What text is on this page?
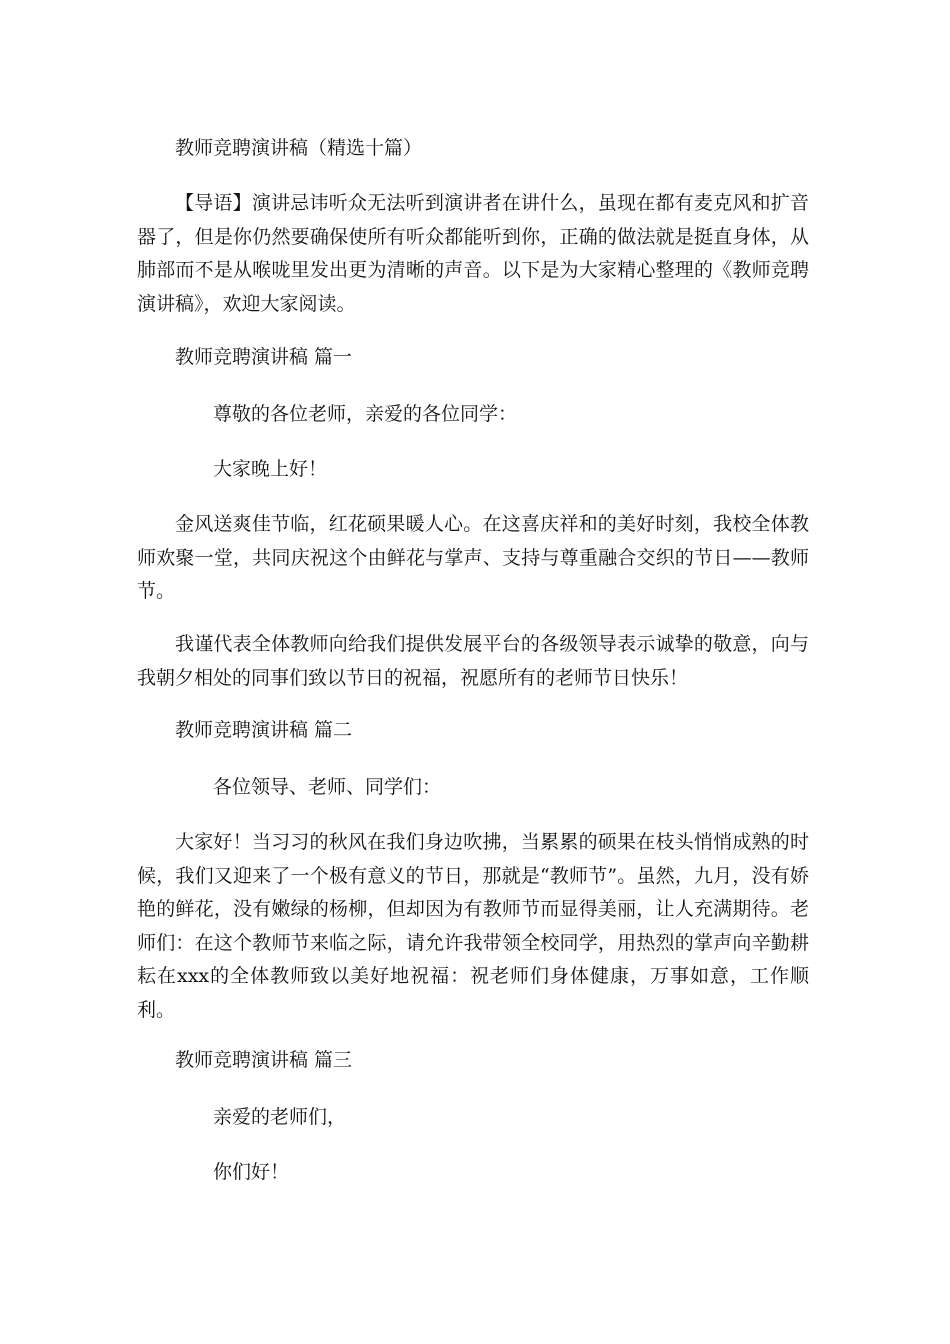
教师竞聘演讲稿（精选十篇）
【导语】演讲忌讳听众无法听到演讲者在讲什么，虽现在都有麦克风和扩音器了，但是你仍然要确保使所有听众都能听到你，正确的做法就是挺直身体，从肺部而不是从喉咙里发出更为清晰的声音。以下是为大家精心整理的《教师竞聘演讲稿》，欢迎大家阅读。
教师竞聘演讲稿 篇一
尊敬的各位老师，亲爱的各位同学：
大家晚上好！
金风送爽佳节临，红花硕果暖人心。在这喜庆祥和的美好时刻，我校全体教师欢聚一堂，共同庆祝这个由鲜花与掌声、支持与尊重融合交织的节日——教师节。
我谨代表全体教师向给我们提供发展平台的各级领导表示诚挚的敬意，向与我朝夕相处的同事们致以节日的祝福，祝愿所有的老师节日快乐！
教师竞聘演讲稿 篇二
各位领导、老师、同学们：
大家好！当习习的秋风在我们身边吹拂，当累累的硕果在枝头悄悄成熟的时候，我们又迎来了一个极有意义的节日，那就是“教师节”。虽然，九月，没有娇艳的鲜花，没有嫩绿的杨柳，但却因为有教师节而显得美丽，让人充满期待。老师们：在这个教师节来临之际，请允许我带领全校同学，用热烈的掌声向辛勤耕耘在xxx的全体教师致以美好地祝福：祝老师们身体健康，万事如意，工作顺利。
教师竞聘演讲稿 篇三
亲爱的老师们，
你们好！
